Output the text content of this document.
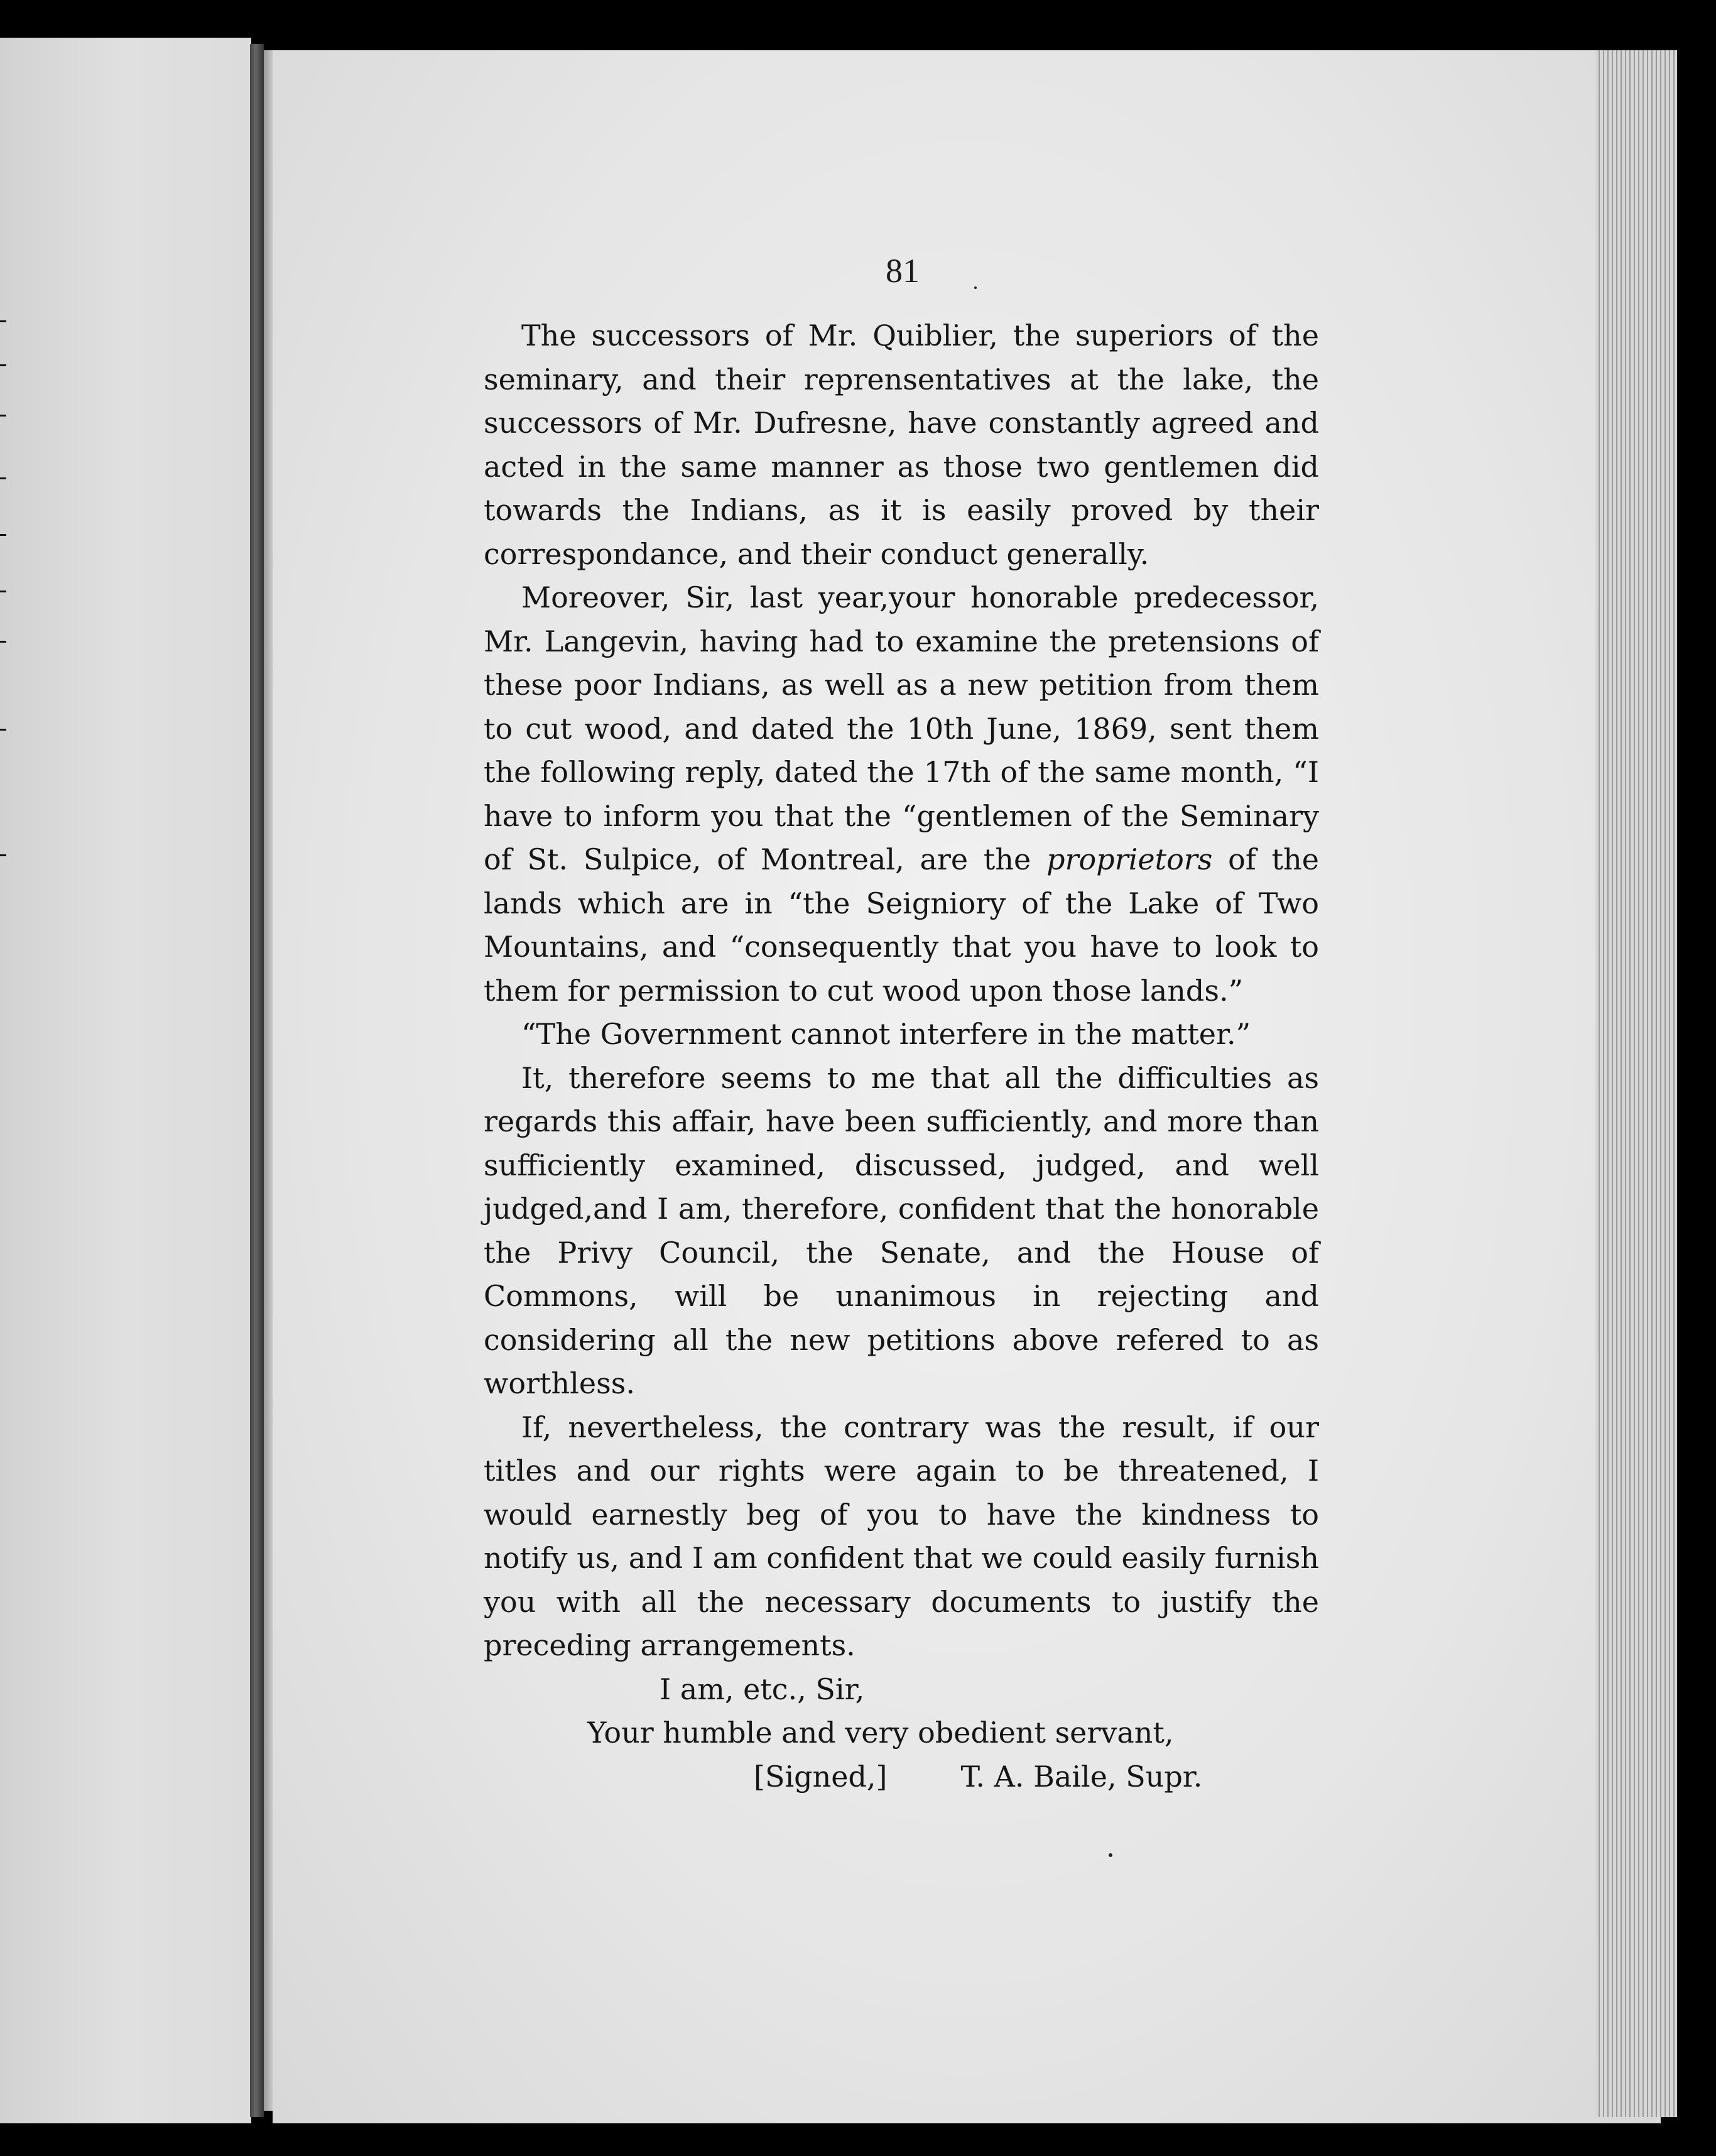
81

The successors of Mr. Quiblier, the superiors of the seminary, and their reprensentatives at the lake, the successors of Mr. Dufresne, have constantly agreed and acted in the same manner as those two gentlemen did towards the Indians, as it is easily proved by their correspondance, and their conduct generally.

Moreover, Sir, last year,your honorable predecessor, Mr. Langevin, having had to examine the pretensions of these poor Indians, as well as a new petition from them to cut wood, and dated the 10th June, 1869, sent them the following reply, dated the 17th of the same month, “I have to inform you that the “gentlemen of the Seminary of St. Sulpice, of Montreal, are the proprietors of the lands which are in “the Seigniory of the Lake of Two Mountains, and “consequently that you have to look to them for permission to cut wood upon those lands.”

“The Government cannot interfere in the matter.”

It, therefore seems to me that all the difficulties as regards this affair, have been sufficiently, and more than sufficiently examined, discussed, judged, and well judged,and I am, therefore, confident that the honorable the Privy Council, the Senate, and the House of Commons, will be unanimous in rejecting and considering all the new petitions above refered to as worthless.

If, nevertheless, the contrary was the result, if our titles and our rights were again to be threatened, I would earnestly beg of you to have the kindness to notify us, and I am confident that we could easily furnish you with all the necessary documents to justify the preceding arrangements.

I am, etc., Sir,

Your humble and very obedient servant,

[Signed,]	T. A. Baile, Supr.
